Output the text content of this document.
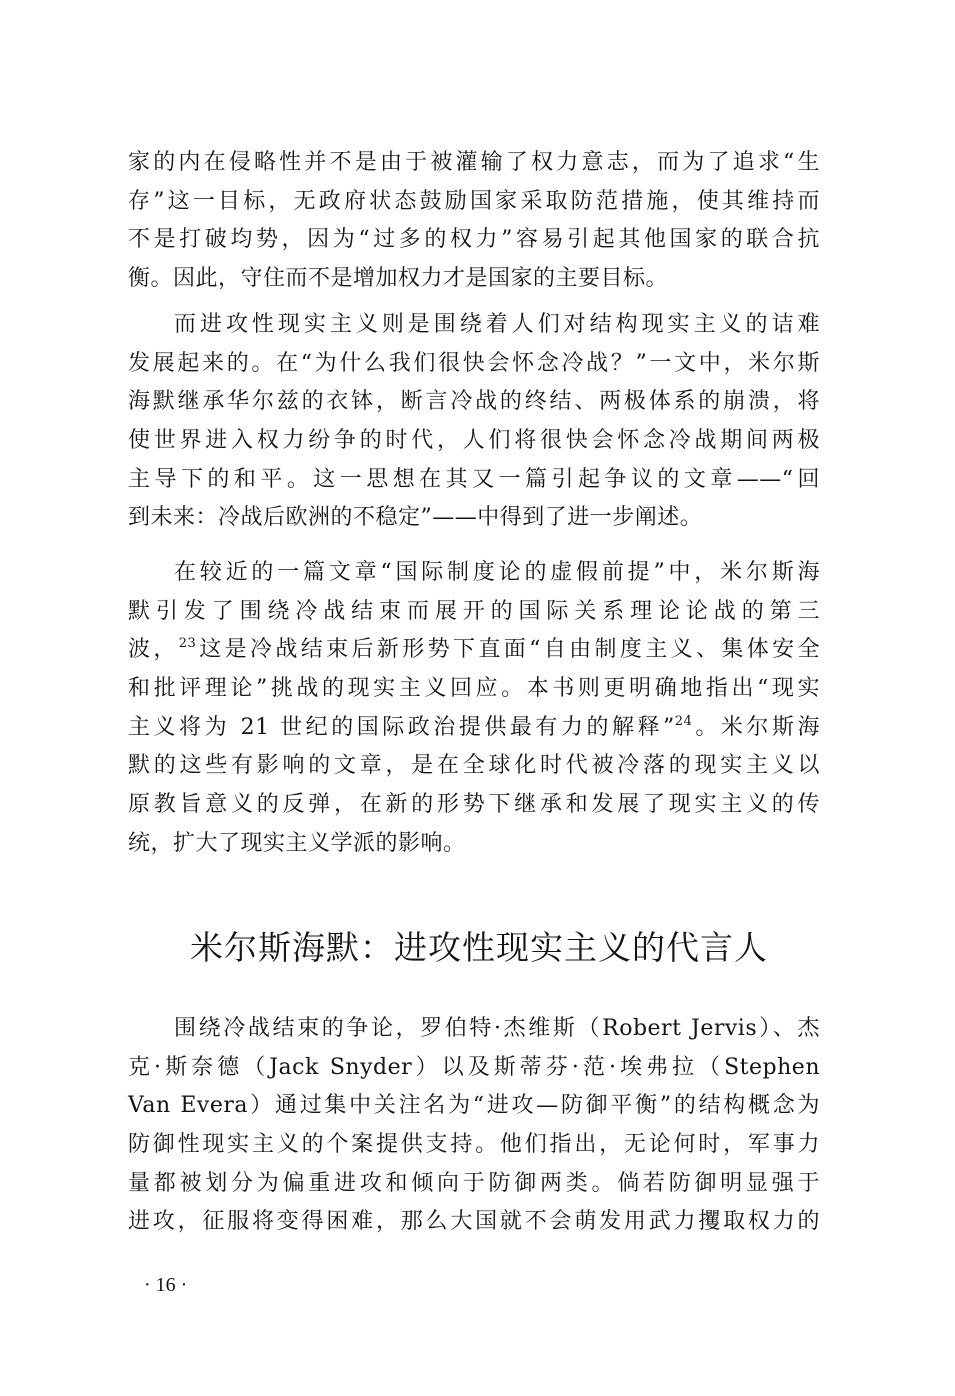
家的内在侵略性并不是由于被灌输了权力意志，而为了追求“生
存”这一目标，无政府状态鼓励国家采取防范措施，使其维持而
不是打破均势，因为“过多的权力”容易引起其他国家的联合抗
衡。因此，守住而不是增加权力才是国家的主要目标。
而进攻性现实主义则是围绕着人们对结构现实主义的诘难
发展起来的。在“为什么我们很快会怀念冷战？”一文中，米尔斯
海默继承华尔兹的衣钵，断言冷战的终结、两极体系的崩溃，将
使世界进入权力纷争的时代，人们将很快会怀念冷战期间两极
主导下的和平。这一思想在其又一篇引起争议的文章——“回
到未来：冷战后欧洲的不稳定”——中得到了进一步阐述。
在较近的一篇文章“国际制度论的虚假前提”中，米尔斯海
默引发了围绕冷战结束而展开的国际关系理论论战的第三
波，$^{23}$这是冷战结束后新形势下直面“自由制度主义、集体安全
和批评理论”挑战的现实主义回应。本书则更明确地指出“现实
主义将为 21 世纪的国际政治提供最有力的解释”$^{24}$。米尔斯海
默的这些有影响的文章，是在全球化时代被冷落的现实主义以
原教旨意义的反弹，在新的形势下继承和发展了现实主义的传
统，扩大了现实主义学派的影响。
米尔斯海默：进攻性现实主义的代言人
围绕冷战结束的争论，罗伯特·杰维斯（Robert Jervis）、杰
克·斯奈德（Jack Snyder）以及斯蒂芬·范·埃弗拉（Stephen
Van Evera）通过集中关注名为“进攻—防御平衡”的结构概念为
防御性现实主义的个案提供支持。他们指出，无论何时，军事力
量都被划分为偏重进攻和倾向于防御两类。倘若防御明显强于
进攻，征服将变得困难，那么大国就不会萌发用武力攫取权力的
· 16 ·
